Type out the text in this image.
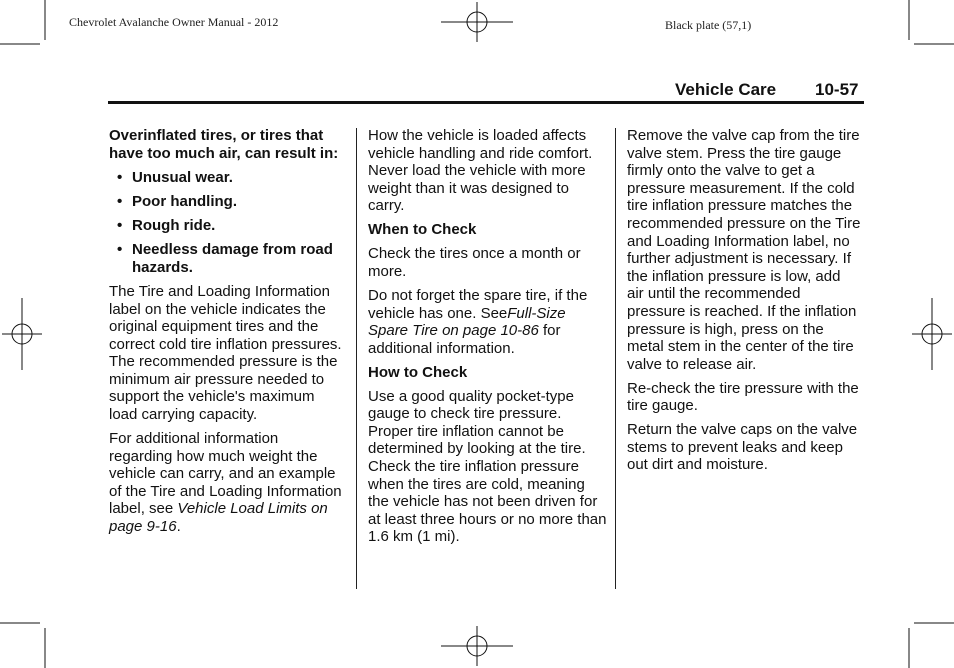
Chevrolet Avalanche Owner Manual - 2012	Black plate (57,1)
Vehicle Care 10-57

Overinflated tires, or tires that have too much air, can result in:

• Unusual wear.
• Poor handling.
• Rough ride.
• Needless damage from road hazards.

The Tire and Loading Information label on the vehicle indicates the original equipment tires and the correct cold tire inflation pressures. The recommended pressure is the minimum air pressure needed to support the vehicle's maximum load carrying capacity.

For additional information regarding how much weight the vehicle can carry, and an example of the Tire and Loading Information label, see Vehicle Load Limits on page 9-16.

How the vehicle is loaded affects vehicle handling and ride comfort. Never load the vehicle with more weight than it was designed to carry.

When to Check

Check the tires once a month or more.

Do not forget the spare tire, if the vehicle has one. SeeFull-Size Spare Tire on page 10-86 for additional information.

How to Check

Use a good quality pocket-type gauge to check tire pressure. Proper tire inflation cannot be determined by looking at the tire. Check the tire inflation pressure when the tires are cold, meaning the vehicle has not been driven for at least three hours or no more than 1.6 km (1 mi).

Remove the valve cap from the tire valve stem. Press the tire gauge firmly onto the valve to get a pressure measurement. If the cold tire inflation pressure matches the recommended pressure on the Tire and Loading Information label, no further adjustment is necessary. If the inflation pressure is low, add air until the recommended pressure is reached. If the inflation pressure is high, press on the metal stem in the center of the tire valve to release air.

Re-check the tire pressure with the tire gauge.

Return the valve caps on the valve stems to prevent leaks and keep out dirt and moisture.
